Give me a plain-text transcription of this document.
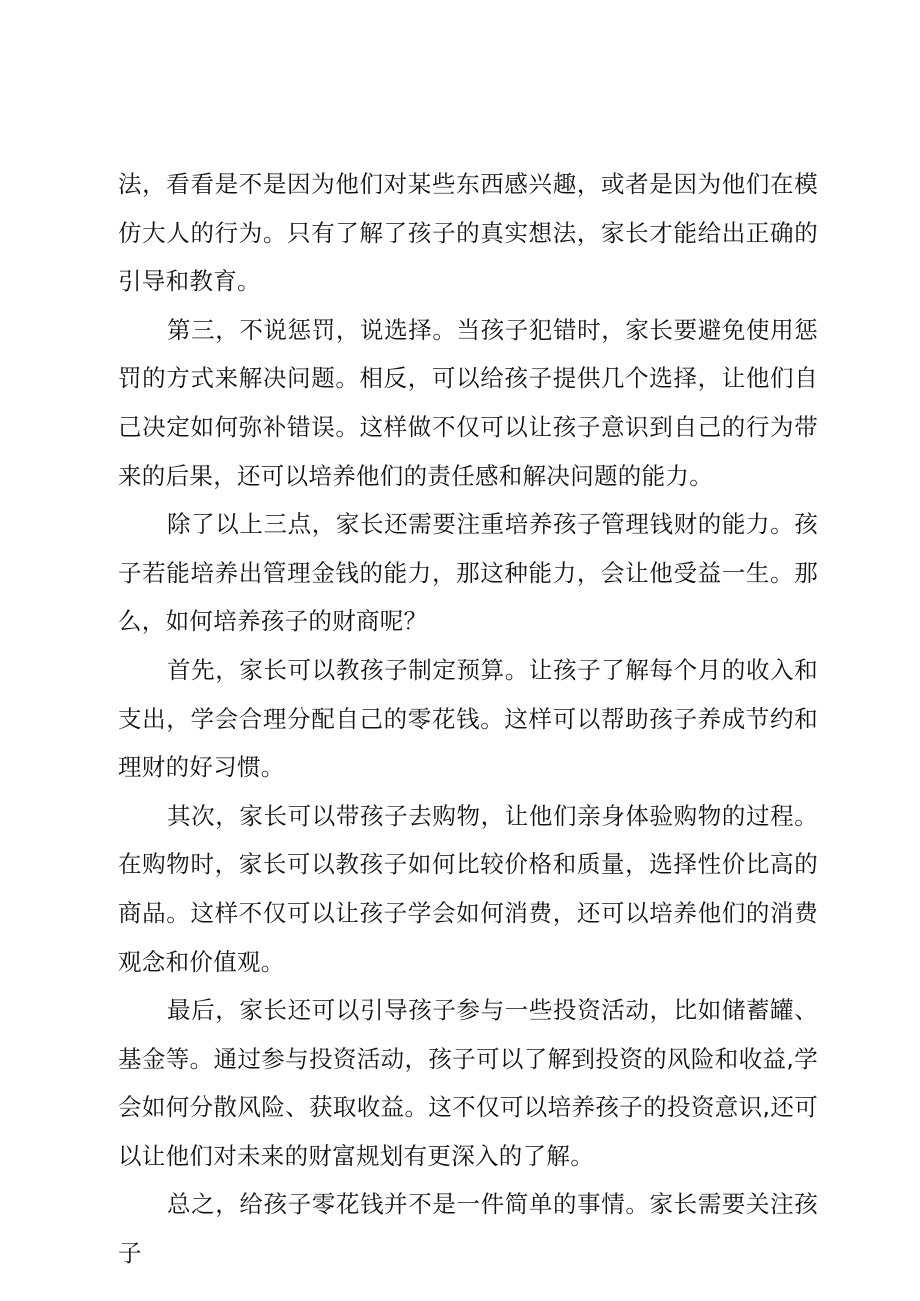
法，看看是不是因为他们对某些东西感兴趣，或者是因为他们在模仿大人的行为。只有了解了孩子的真实想法，家长才能给出正确的引导和教育。

第三，不说惩罚，说选择。当孩子犯错时，家长要避免使用惩罚的方式来解决问题。相反，可以给孩子提供几个选择，让他们自己决定如何弥补错误。这样做不仅可以让孩子意识到自己的行为带来的后果，还可以培养他们的责任感和解决问题的能力。

除了以上三点，家长还需要注重培养孩子管理钱财的能力。孩子若能培养出管理金钱的能力，那这种能力，会让他受益一生。那么，如何培养孩子的财商呢？

首先，家长可以教孩子制定预算。让孩子了解每个月的收入和支出，学会合理分配自己的零花钱。这样可以帮助孩子养成节约和理财的好习惯。

其次，家长可以带孩子去购物，让他们亲身体验购物的过程。在购物时，家长可以教孩子如何比较价格和质量，选择性价比高的商品。这样不仅可以让孩子学会如何消费，还可以培养他们的消费观念和价值观。

最后，家长还可以引导孩子参与一些投资活动，比如储蓄罐、基金等。通过参与投资活动，孩子可以了解到投资的风险和收益,学会如何分散风险、获取收益。这不仅可以培养孩子的投资意识,还可以让他们对未来的财富规划有更深入的了解。

总之，给孩子零花钱并不是一件简单的事情。家长需要关注孩子
